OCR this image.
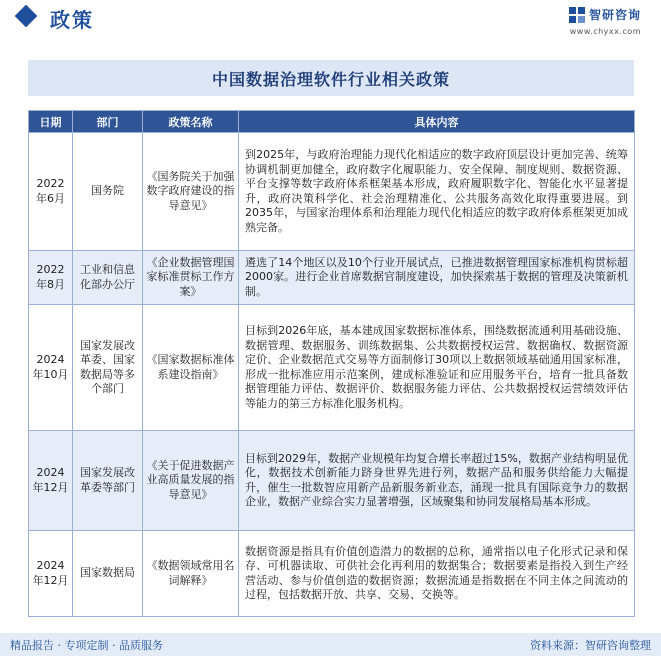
政策	智研咨询
www.chyxx.com
中国数据治理软件行业相关政策
日期	部门	政策名称	具体内容
2022年6月	国务院	《国务院关于加强数字政府建设的指导意见》	到2025年，与政府治理能力现代化相适应的数字政府顶层设计更加完善、统筹协调机制更加健全，政府数字化履职能力、安全保障、制度规则、数据资源、平台支撑等数字政府体系框架基本形成，政府履职数字化、智能化水平显著提升，政府决策科学化、社会治理精准化、公共服务高效化取得重要进展。到2035年，与国家治理体系和治理能力现代化相适应的数字政府体系框架更加成熟完备。
2022年8月	工业和信息化部办公厅	《企业数据管理国家标准贯标工作方案》	遴选了14个地区以及10个行业开展试点，已推进数据管理国家标准机构贯标超2000家。进行企业首席数据官制度建设，加快探索基于数据的管理及决策新机制。
2024年10月	国家发展改革委、国家数据局等多个部门	《国家数据标准体系建设指南》	目标到2026年底，基本建成国家数据标准体系，围绕数据流通利用基础设施、数据管理、数据服务、训练数据集、公共数据授权运营、数据确权、数据资源定价、企业数据范式交易等方面制修订30项以上数据领域基础通用国家标准，形成一批标准应用示范案例，建成标准验证和应用服务平台，培育一批具备数据管理能力评估、数据评价、数据服务能力评估、公共数据授权运营绩效评估等能力的第三方标准化服务机构。
2024年12月	国家发展改革委等部门	《关于促进数据产业高质量发展的指导意见》	目标到2029年，数据产业规模年均复合增长率超过15%，数据产业结构明显优化，数据技术创新能力跻身世界先进行列，数据产品和服务供给能力大幅提升，催生一批数智应用新产品新服务新业态，涌现一批具有国际竞争力的数据企业，数据产业综合实力显著增强，区域聚集和协同发展格局基本形成。
2024年12月	国家数据局	《数据领域常用名词解释》	数据资源是指具有价值创造潜力的数据的总称，通常指以电子化形式记录和保存、可机器读取、可供社会化再利用的数据集合；数据要素是指投入到生产经营活动、参与价值创造的数据资源；数据流通是指数据在不同主体之间流动的过程，包括数据开放、共享、交易、交换等。
精品报告 · 专项定制 · 品质服务	资料来源：智研咨询整理
